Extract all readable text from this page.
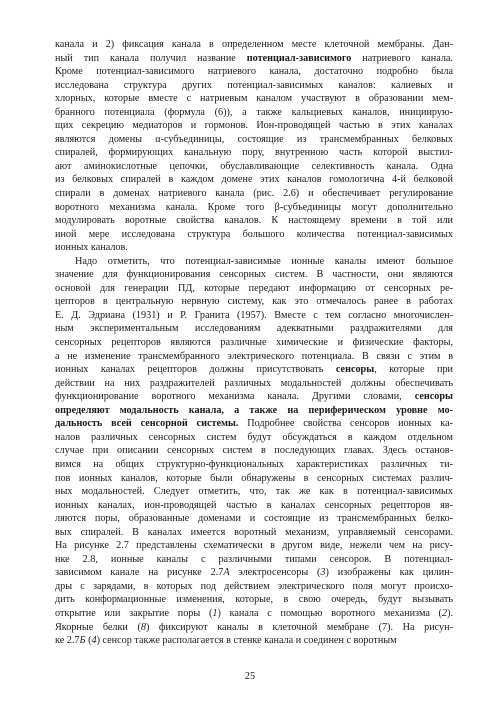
канала и 2) фиксация канала в определенном месте клеточной мембраны. Дан-
ный тип канала получил название потенциал-зависимого натриевого канала.
Кроме потенциал-зависимого натриевого канала, достаточно подробно была
исследована структура других потенциал-зависимых каналов: калиевых и
хлорных, которые вместе с натриевым каналом участвуют в образовании мем-
бранного потенциала (формула (6)), а также кальциевых каналов, инициирую-
щих секрецию медиаторов и гормонов. Ион-проводящей частью в этих каналах
являются домены α-субъединицы, состоящие из трансмембранных белковых
спиралей, формирующих канальную пору, внутренною часть которой выстил-
ают аминокислотные цепочки, обуславливающие селективность канала. Одна
из белковых спиралей в каждом домене этих каналов гомологична 4-й белковой
спирали в доменах натриевого канала (рис. 2.6) и обеспечивает регулирование
воротного механизма канала. Кроме того β-субъединицы могут дополнительно
модулировать воротные свойства каналов. К настоящему времени в той или
иной мере исследована структура большого количества потенциал-зависимых
ионных каналов.

Надо отметить, что потенциал-зависимые ионные каналы имеют большое
значение для функционирования сенсорных систем. В частности, они являются
основой для генерации ПД, которые передают информацию от сенсорных ре-
цепторов в центральную нервную систему, как это отмечалось ранее в работах
Е. Д. Эдриана (1931) и Р. Гранита (1957). Вместе с тем согласно многочислен-
ным экспериментальным исследованиям адекватными раздражителями для
сенсорных рецепторов являются различные химические и физические факторы,
а не изменение трансмембранного электрического потенциала. В связи с этим в
ионных каналах рецепторов должны присутствовать сенсоры, которые при
действии на них раздражителей различных модальностей должны обеспечивать
функционирование воротного механизма канала. Другими словами, сенсоры
определяют модальность канала, а также на периферическом уровне мо-
дальность всей сенсорной системы. Подробнее свойства сенсоров ионных ка-
налов различных сенсорных систем будут обсуждаться в каждом отдельном
случае при описании сенсорных систем в последующих главах. Здесь останов-
вимся на общих структурно-функциональных характеристиках различных ти-
пов ионных каналов, которые были обнаружены в сенсорных системах различ-
ных модальностей. Следует отметить, что, так же как в потенциал-зависимых
ионных каналах, ион-проводящей частью в каналах сенсорных рецепторов яв-
ляются поры, образованные доменами и состоящие из трансмембранных белко-
вых спиралей. В каналах имеется воротный механизм, управляемый сенсорами.
На рисунке 2.7 представлены схематически в другом виде, нежели чем на рису-
нке 2.8, ионные каналы с различными типами сенсоров. В потенциал-
зависимом канале на рисунке 2.7А электросенсоры (3) изображены как цилин-
дры с зарядами, в которых под действием электрического поля могут происхо-
дить конформационные изменения, которые, в свою очередь, будут вызывать
открытие или закрытие поры (1) канала с помощью воротного механизма (2).
Якорные белки (8) фиксируют каналы в клеточной мембране (7). На рисун-
ке 2.7Б (4) сенсор также располагается в стенке канала и соединен с воротным

25
